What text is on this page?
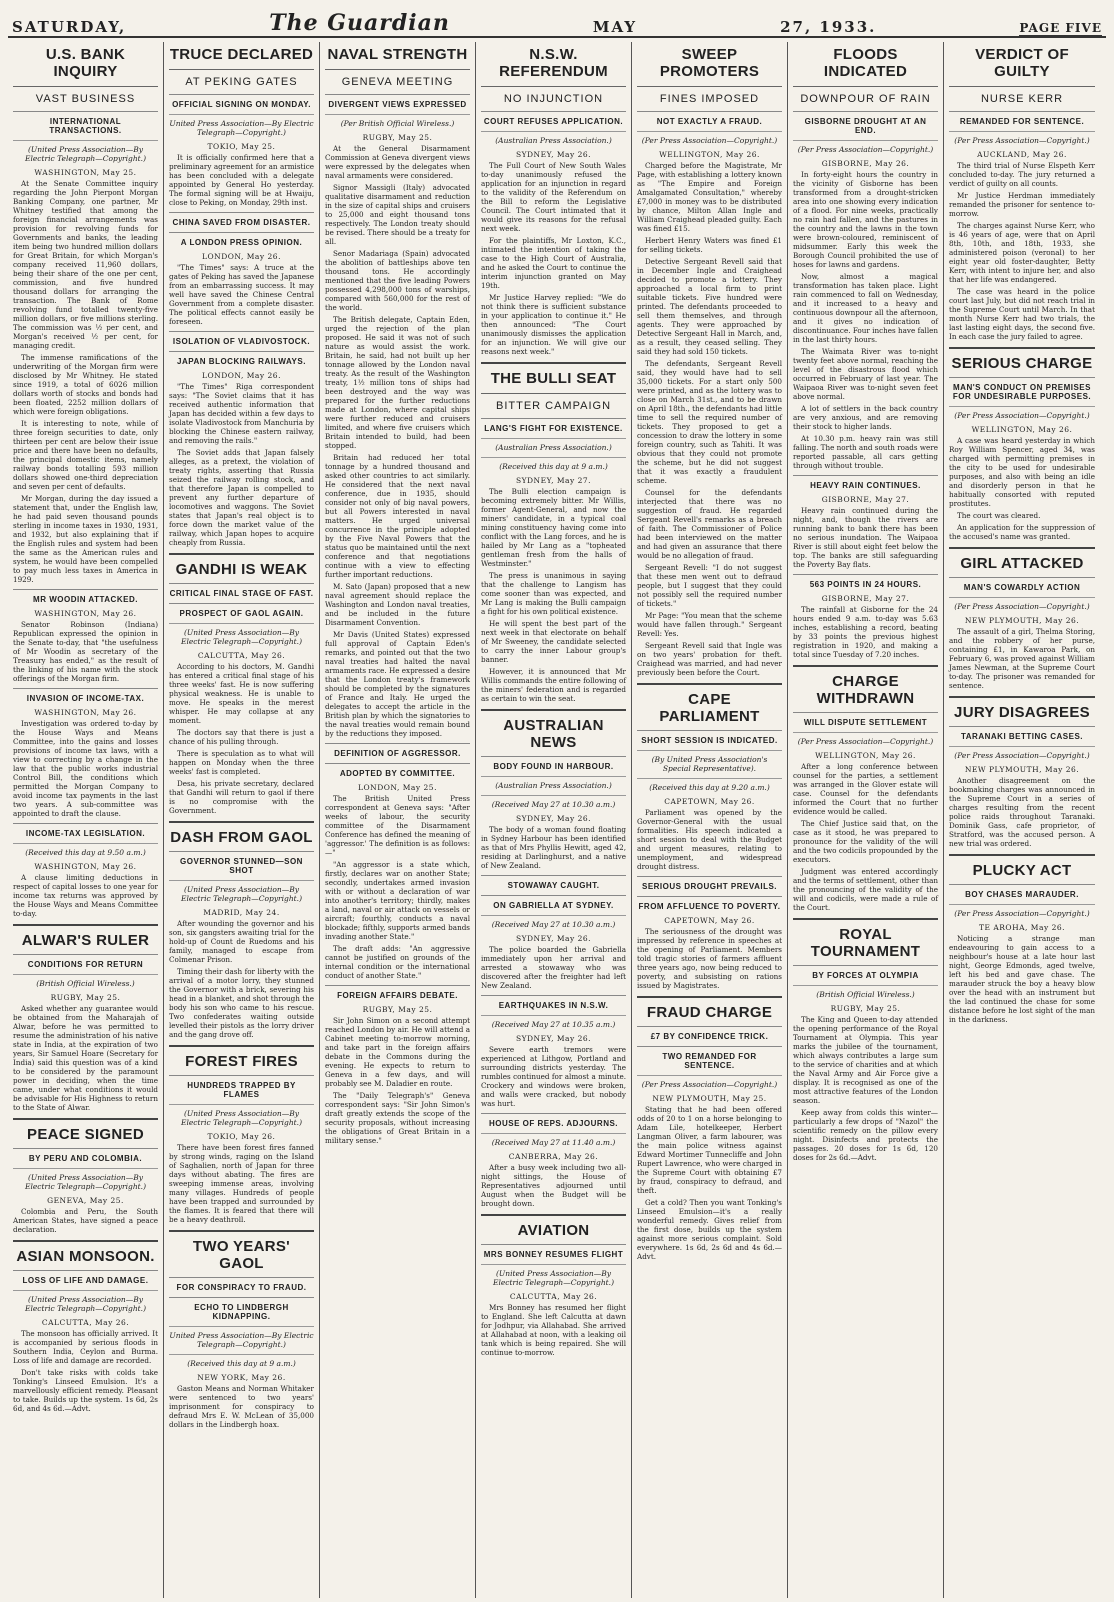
SATURDAY,	The Guardian	MAY	27, 1933.	PAGE FIVE
U.S. BANK INQUIRY
VAST BUSINESS
INTERNATIONAL TRANSACTIONS.
(United Press Association—By Electric Telegraph—Copyright.)
WASHINGTON, May 25.
At the Senate Committee inquiry regarding the John Pierpont Morgan Banking Company, one partner, Mr Whitney testified that among the foreign financial arrangements was provision for revolving funds for Governments and banks, the leading item being two hundred million dollars for Great Britain, for which Morgan's company received 11,960 dollars, being their share of the one per cent, commission, and five hundred thousand dollars for arranging the transaction. The Bank of Rome revolving fund totalled twenty-five million dollars, or five millions sterling. The commission was ½ per cent, and Morgan's received ½ per cent, for managing credit.
The immense ramifications of the underwriting of the Morgan firm were disclosed by Mr Whitney. He stated since 1919, a total of 6026 million dollars worth of stocks and bonds had been floated, 2252 million dollars of which were foreign obligations.
It is interesting to note, while of three foreign securities to date, only thirteen per cent are below their issue price and there have been no defaults, the principal domestic items, namely railway bonds totalling 593 million dollars showed one-third depreciation and seven per cent of defaults.
Mr Morgan, during the day issued a statement that, under the English law, he had paid seven thousand pounds sterling in income taxes in 1930, 1931, and 1932, but also explaining that if the English rules and system had been the same as the American rules and system, he would have been compelled to pay much less taxes in America in 1929.
MR WOODIN ATTACKED.
WASHINGTON, May 26.
Senator Robinson (Indiana) Republican expressed the opinion in the Senate to-day, that "the usefulness of Mr Woodin as secretary of the Treasury has ended," as the result of the linking of his name with the stock offerings of the Morgan firm.
INVASION OF INCOME-TAX.
WASHINGTON, May 26.
Investigation was ordered to-day by the House Ways and Means Committee, into the gains and losses provisions of income tax laws, with a view to correcting by a change in the law that the public works industrial Control Bill, the conditions which permitted the Morgan Company to avoid income tax payments in the last two years. A sub-committee was appointed to draft the clause.
INCOME-TAX LEGISLATION.
(Received this day at 9.50 a.m.)
WASHINGTON, May 26.
A clause limiting deductions in respect of capital losses to one year for income tax returns was approved by the House Ways and Means Committee to-day.
ALWAR'S RULER
CONDITIONS FOR RETURN
(British Official Wireless.)
RUGBY, May 25.
Asked whether any guarantee would be obtained from the Maharajah of Alwar, before he was permitted to resume the administration of his native state in India, at the expiration of two years, Sir Samuel Hoare (Secretary for India) said this question was of a kind to be considered by the paramount power in deciding, when the time came, under what conditions it would be advisable for His Highness to return to the State of Alwar.
PEACE SIGNED
BY PERU AND COLOMBIA.
(United Press Association—By Electric Telegraph—Copyright.)
GENEVA, May 25.
Colombia and Peru, the South American States, have signed a peace declaration.
ASIAN MONSOON.
LOSS OF LIFE AND DAMAGE.
(United Press Association—By Electric Telegraph—Copyright.)
CALCUTTA, May 26.
The monsoon has officially arrived. It is accompanied by serious floods in Southern India, Ceylon and Burma. Loss of life and damage are recorded.
Don't take risks with colds take Tonking's Linseed Emulsion. It's a marvellously efficient remedy. Pleasant to take. Builds up the system. 1s 6d, 2s 6d, and 4s 6d.—Advt.
TRUCE DECLARED
AT PEKING GATES
OFFICIAL SIGNING ON MONDAY.
United Press Association—By Electric Telegraph—Copyright.)
TOKIO, May 25.
It is officially confirmed here that a preliminary agreement for an armistice has been concluded with a delegate appointed by General Ho yesterday. The formal signing will be at Hwaiju, close to Peking, on Monday, 29th inst.
CHINA SAVED FROM DISASTER.
A LONDON PRESS OPINION.
LONDON, May 26.
"The Times" says: A truce at the gates of Peking has saved the Japanese from an embarrassing success. It may well have saved the Chinese Central Government from a complete disaster. The political effects cannot easily be foreseen.
ISOLATION OF VLADIVOSTOCK.
JAPAN BLOCKING RAILWAYS.
LONDON, May 26.
"The Times" Riga correspondent says: "The Soviet claims that it has received authentic information that Japan has decided within a few days to isolate Vladivostock from Manchuria by blocking the Chinese eastern railway, and removing the rails."
The Soviet adds that Japan falsely alleges, as a pretext, the violation of treaty rights, asserting that Russia seized the railway rolling stock, and that therefore Japan is compelled to prevent any further departure of locomotives and waggons. The Soviet states that Japan's real object is to force down the market value of the railway, which Japan hopes to acquire cheaply from Russia.
GANDHI IS WEAK
CRITICAL FINAL STAGE OF FAST.
PROSPECT OF GAOL AGAIN.
(United Press Association—By Electric Telegraph—Copyright.)
CALCUTTA, May 26.
According to his doctors, M. Gandhi has entered a critical final stage of his three weeks' fast. He is now suffering physical weakness. He is unable to move. He speaks in the merest whisper. He may collapse at any moment.
The doctors say that there is just a chance of his pulling through.
There is speculation as to what will happen on Monday when the three weeks' fast is completed.
Desa, his private secretary, declared that Gandhi will return to gaol if there is no compromise with the Government.
DASH FROM GAOL
GOVERNOR STUNNED—SON SHOT
(United Press Association—By Electric Telegraph—Copyright.)
MADRID, May 24.
After wounding the governor and his son, six gangsters awaiting trial for the hold-up of Count de Ruedoms and his family, managed to escape from Colmenar Prison.
Timing their dash for liberty with the arrival of a motor lorry, they stunned the Governor with a brick, severing his head in a blanket, and shot through the body his son who came to his rescue. Two confederates waiting outside levelled their pistols as the lorry driver and the gang drove off.
FOREST FIRES
HUNDREDS TRAPPED BY FLAMES
(United Press Association—By Electric Telegraph—Copyright.)
TOKIO, May 26.
There have been forest fires fanned by strong winds, raging on the Island of Saghalien, north of Japan for three days without abating. The fires are sweeping immense areas, involving many villages. Hundreds of people have been trapped and surrounded by the flames. It is feared that there will be a heavy deathroll.
TWO YEARS' GAOL
FOR CONSPIRACY TO FRAUD.
ECHO TO LINDBERGH KIDNAPPING.
United Press Association—By Electric Telegraph—Copyright.)
(Received this day at 9 a.m.)
NEW YORK, May 26.
Gaston Means and Norman Whitaker were sentenced to two years' imprisonment for conspiracy to defraud Mrs E. W. McLean of 35,000 dollars in the Lindbergh hoax.
NAVAL STRENGTH
GENEVA MEETING
DIVERGENT VIEWS EXPRESSED
(Per British Official Wireless.)
RUGBY, May 25.
At the General Disarmament Commission at Geneva divergent views were expressed by the delegates when naval armaments were considered.
Signor Massigli (Italy) advocated qualitative disarmament and reduction in the size of capital ships and cruisers to 25,000 and eight thousand tons respectively. The London treaty should be revised. There should be a treaty for all.
Senor Madariaga (Spain) advocated the abolition of battleships above ten thousand tons. He accordingly mentioned that the five leading Powers possessed 4,298,000 tons of warships, compared with 560,000 for the rest of the world.
The British delegate, Captain Eden, urged the rejection of the plan proposed. He said it was not of such nature as would assist the work. Britain, he said, had not built up her tonnage allowed by the London naval treaty. As the result of the Washington treaty, 1½ million tons of ships had been destroyed and the way was prepared for the further reductions made at London, where capital ships were further reduced and cruisers limited, and where five cruisers which Britain intended to build, had been stopped.
Britain had reduced her total tonnage by a hundred thousand and asked other countries to act similarly. He considered that the next naval conference, due in 1935, should consider not only of big naval powers, but all Powers interested in naval matters. He urged universal concurrence in the principle adopted by the Five Naval Powers that the status quo be maintained until the next conference and that negotiations continue with a view to effecting further important reductions.
M. Sato (Japan) proposed that a new naval agreement should replace the Washington and London naval treaties, and be included in the future Disarmament Convention.
Mr Davis (United States) expressed full approval of Captain Eden's remarks, and pointed out that the two naval treaties had halted the naval armaments race. He expressed a desire that the London treaty's framework should be completed by the signatures of France and Italy. He urged the delegates to accept the article in the British plan by which the signatories to the naval treaties would remain bound by the reductions they imposed.
DEFINITION OF AGGRESSOR.
ADOPTED BY COMMITTEE.
LONDON, May 25.
The British United Press correspondent at Geneva says: "After weeks of labour, the security committee of the Disarmament Conference has defined the meaning of 'aggressor.' The definition is as follows:—"
"An aggressor is a state which, firstly, declares war on another State; secondly, undertakes armed invasion with or without a declaration of war into another's territory; thirdly, makes a land, naval or air attack on vessels or aircraft; fourthly, conducts a naval blockade; fifthly, supports armed bands invading another State."
The draft adds: "An aggressive cannot be justified on grounds of the internal condition or the international conduct of another State."
FOREIGN AFFAIRS DEBATE.
RUGBY, May 25.
Sir John Simon on a second attempt reached London by air. He will attend a Cabinet meeting to-morrow morning, and take part in the foreign affairs debate in the Commons during the evening. He expects to return to Geneva in a few days, and will probably see M. Daladier en route.
The "Daily Telegraph's" Geneva correspondent says: "Sir John Simon's draft greatly extends the scope of the security proposals, without increasing the obligations of Great Britain in a military sense."
N.S.W. REFERENDUM
NO INJUNCTION
COURT REFUSES APPLICATION.
(Australian Press Association.)
SYDNEY, May 26.
The Full Court of New South Wales to-day unanimously refused the application for an injunction in regard to the validity of the Referendum on the Bill to reform the Legislative Council. The Court intimated that it would give its reasons for the refusal next week.
For the plaintiffs, Mr Loxton, K.C., intimated the intention of taking the case to the High Court of Australia, and he asked the Court to continue the interim injunction granted on May 19th.
Mr Justice Harvey replied: "We do not think there is sufficient substance in your application to continue it." He then announced: "The Court unanimously dismisses the application for an injunction. We will give our reasons next week."
THE BULLI SEAT
BITTER CAMPAIGN
LANG'S FIGHT FOR EXISTENCE.
(Australian Press Association.)
(Received this day at 9 a.m.)
SYDNEY, May 27.
The Bulli election campaign is becoming extremely bitter. Mr Willis, former Agent-General, and now the miners' candidate, in a typical coal mining constituency having come into conflict with the Lang forces, and he is hailed by Mr Lang as a "topheated gentleman fresh from the halls of Westminster."
The press is unanimous in saying that the challenge to Langism has come sooner than was expected, and Mr Lang is making the Bulli campaign a fight for his own political existence.
He will spent the best part of the next week in that electorate on behalf of Mr Sweeney, the candidate selected to carry the inner Labour group's banner.
However, it is announced that Mr Willis commands the entire following of the miners' federation and is regarded as certain to win the seat.
AUSTRALIAN NEWS
BODY FOUND IN HARBOUR.
(Australian Press Association.)
(Received May 27 at 10.30 a.m.)
SYDNEY, May 26.
The body of a woman found floating in Sydney Harbour has been identified as that of Mrs Phyllis Hewitt, aged 42, residing at Darlinghurst, and a native of New Zealand.
STOWAWAY CAUGHT.
ON GABRIELLA AT SYDNEY.
(Received May 27 at 10.30 a.m.)
SYDNEY, May 26.
The police boarded the Gabriella immediately upon her arrival and arrested a stowaway who was discovered after the freighter had left New Zealand.
EARTHQUAKES IN N.S.W.
(Received May 27 at 10.35 a.m.)
SYDNEY, May 26.
Severe earth tremors were experienced at Lithgow, Portland and surrounding districts yesterday. The rumbles continued for almost a minute. Crockery and windows were broken, and walls were cracked, but nobody was hurt.
HOUSE OF REPS. ADJOURNS.
(Received May 27 at 11.40 a.m.)
CANBERRA, May 26.
After a busy week including two all-night sittings, the House of Representatives adjourned until August when the Budget will be brought down.
AVIATION
MRS BONNEY RESUMES FLIGHT
(United Press Association—By Electric Telegraph—Copyright.)
CALCUTTA, May 26.
Mrs Bonney has resumed her flight to England. She left Calcutta at dawn for Jodhpur, via Allahabad. She arrived at Allahabad at noon, with a leaking oil tank which is being repaired. She will continue to-morrow.
SWEEP PROMOTERS
FINES IMPOSED
NOT EXACTLY A FRAUD.
(Per Press Association—Copyright.)
WELLINGTON, May 26.
Charged before the Magistrate, Mr Page, with establishing a lottery known as "The Empire and Foreign Amalgamated Consultation," whereby £7,000 in money was to be distributed by chance, Milton Allan Ingle and William Craighead pleaded guilty. Each was fined £15.
Herbert Henry Waters was fined £1 for selling tickets.
Detective Sergeant Revell said that in December Ingle and Craighead decided to promote a lottery. They approached a local firm to print suitable tickets. Five hundred were printed. The defendants proceeded to sell them themselves, and through agents. They were approached by Detective Sergeant Hall in March, and, as a result, they ceased selling. They said they had sold 150 tickets.
The defendants, Sergeant Revell said, they would have had to sell 35,000 tickets. For a start only 500 were printed, and as the lottery was to close on March 31st., and to be drawn on April 18th., the defendants had little time to sell the required number of tickets. They proposed to get a concession to draw the lottery in some foreign country, such as Tahiti. It was obvious that they could not promote the scheme, but he did not suggest that it was exactly a fraudulent scheme.
Counsel for the defendants interjected that there was no suggestion of fraud. He regarded Sergeant Revell's remarks as a breach of faith. The Commissioner of Police had been interviewed on the matter and had given an assurance that there would be no allegation of fraud.
Sergeant Revell: "I do not suggest that these men went out to defraud people, but I suggest that they could not possibly sell the required number of tickets."
Mr Page: "You mean that the scheme would have fallen through." Sergeant Revell: Yes.
Sergeant Revell said that Ingle was on two years' probation for theft. Craighead was married, and had never previously been before the Court.
CAPE PARLIAMENT
SHORT SESSION IS INDICATED.
(By United Press Association's Special Representative).
(Received this day at 9.20 a.m.)
CAPETOWN, May 26.
Parliament was opened by the Governor-General with the usual formalities. His speech indicated a short session to deal with the Budget and urgent measures, relating to unemployment, and widespread drought distress.
SERIOUS DROUGHT PREVAILS.
FROM AFFLUENCE TO POVERTY.
CAPETOWN, May 26.
The seriousness of the drought was impressed by reference in speeches at the opening of Parliament. Members told tragic stories of farmers affluent three years ago, now being reduced to poverty, and subsisting on rations issued by Magistrates.
FRAUD CHARGE
£7 BY CONFIDENCE TRICK.
TWO REMANDED FOR SENTENCE.
(Per Press Association—Copyright.)
NEW PLYMOUTH, May 25.
Stating that he had been offered odds of 20 to 1 on a horse belonging to Adam Lile, hotelkeeper, Herbert Langman Oliver, a farm labourer, was the main police witness against Edward Mortimer Tunnecliffe and John Rupert Lawrence, who were charged in the Supreme Court with obtaining £7 by fraud, conspiracy to defraud, and theft.
Get a cold? Then you want Tonking's Linseed Emulsion—it's a really wonderful remedy. Gives relief from the first dose, builds up the system against more serious complaint. Sold everywhere. 1s 6d, 2s 6d and 4s 6d.—Advt.
FLOODS INDICATED
DOWNPOUR OF RAIN
GISBORNE DROUGHT AT AN END.
(Per Press Association—Copyright.)
GISBORNE, May 26.
In forty-eight hours the country in the vicinity of Gisborne has been transformed from a drought-stricken area into one showing every indication of a flood. For nine weeks, practically no rain had fallen, and the pastures in the country and the lawns in the town were brown-coloured, reminiscent of midsummer. Early this week the Borough Council prohibited the use of hoses for lawns and gardens.
Now, almost a magical transformation has taken place. Light rain commenced to fall on Wednesday, and it increased to a heavy and continuous downpour all the afternoon, and it gives no indication of discontinuance. Four inches have fallen in the last thirty hours.
The Waimata River was to-night twenty feet above normal, reaching the level of the disastrous flood which occurred in February of last year. The Waipaoa River was to-night seven feet above normal.
A lot of settlers in the back country are very anxious, and are removing their stock to higher lands.
At 10.30 p.m. heavy rain was still falling. The north and south roads were reported passable, all cars getting through without trouble.
HEAVY RAIN CONTINUES.
GISBORNE, May 27.
Heavy rain continued during the night, and, though the rivers are running bank to bank there has been no serious inundation. The Waipaoa River is still about eight feet below the top. The banks are still safeguarding the Poverty Bay flats.
563 POINTS IN 24 HOURS.
GISBORNE, May 27.
The rainfall at Gisborne for the 24 hours ended 9 a.m. to-day was 5.63 inches, establishing a record, beating by 33 points the previous highest registration in 1920, and making a total since Tuesday of 7.20 inches.
CHARGE WITHDRAWN
WILL DISPUTE SETTLEMENT
(Per Press Association—Copyright.)
WELLINGTON, May 26.
After a long conference between counsel for the parties, a settlement was arranged in the Glover estate will case. Counsel for the defendants informed the Court that no further evidence would be called.
The Chief Justice said that, on the case as it stood, he was prepared to pronounce for the validity of the will and the two codicils propounded by the executors.
Judgment was entered accordingly and the terms of settlement, other than the pronouncing of the validity of the will and codicils, were made a rule of the Court.
ROYAL TOURNAMENT
BY FORCES AT OLYMPIA
(British Official Wireless.)
RUGBY, May 25.
The King and Queen to-day attended the opening performance of the Royal Tournament at Olympia. This year marks the jubilee of the tournament, which always contributes a large sum to the service of charities and at which the Naval Army and Air Force give a display. It is recognised as one of the most attractive features of the London season.
Keep away from colds this winter—particularly a few drops of "Nazol" the scientific remedy on the pillow every night. Disinfects and protects the passages. 20 doses for 1s 6d, 120 doses for 2s 6d.—Advt.
VERDICT OF GUILTY
NURSE KERR
REMANDED FOR SENTENCE.
(Per Press Association—Copyright.)
AUCKLAND, May 26.
The third trial of Nurse Elspeth Kerr concluded to-day. The jury returned a verdict of guilty on all counts.
Mr Justice Herdman immediately remanded the prisoner for sentence to-morrow.
The charges against Nurse Kerr, who is 46 years of age, were that on April 8th, 10th, and 18th, 1933, she administered poison (veronal) to her eight year old foster-daughter, Betty Kerr, with intent to injure her, and also that her life was endangered.
The case was heard in the police court last July, but did not reach trial in the Supreme Court until March. In that month Nurse Kerr had two trials, the last lasting eight days, the second five. In each case the jury failed to agree.
SERIOUS CHARGE
MAN'S CONDUCT ON PREMISES FOR UNDESIRABLE PURPOSES.
(Per Press Association—Copyright.)
WELLINGTON, May 26.
A case was heard yesterday in which Roy William Spencer, aged 34, was charged with permitting premises in the city to be used for undesirable purposes, and also with being an idle and disorderly person in that he habitually consorted with reputed prostitutes.
The court was cleared.
An application for the suppression of the accused's name was granted.
GIRL ATTACKED
MAN'S COWARDLY ACTION
(Per Press Association—Copyright.)
NEW PLYMOUTH, May 26.
The assault of a girl, Thelma Storing, and the robbery of her purse, containing £1, in Kawaroa Park, on February 6, was proved against William James Newman, at the Supreme Court to-day. The prisoner was remanded for sentence.
JURY DISAGREES
TARANAKI BETTING CASES.
(Per Press Association—Copyright.)
NEW PLYMOUTH, May 26.
Another disagreement on the bookmaking charges was announced in the Supreme Court in a series of charges resulting from the recent police raids throughout Taranaki. Dominik Gass, cafe proprietor, of Stratford, was the accused person. A new trial was ordered.
PLUCKY ACT
BOY CHASES MARAUDER.
(Per Press Association—Copyright.)
TE AROHA, May 26.
Noticing a strange man endeavouring to gain access to a neighbour's house at a late hour last night, George Edmonds, aged twelve, left his bed and gave chase. The marauder struck the boy a heavy blow over the head with an instrument but the lad continued the chase for some distance before he lost sight of the man in the darkness.
